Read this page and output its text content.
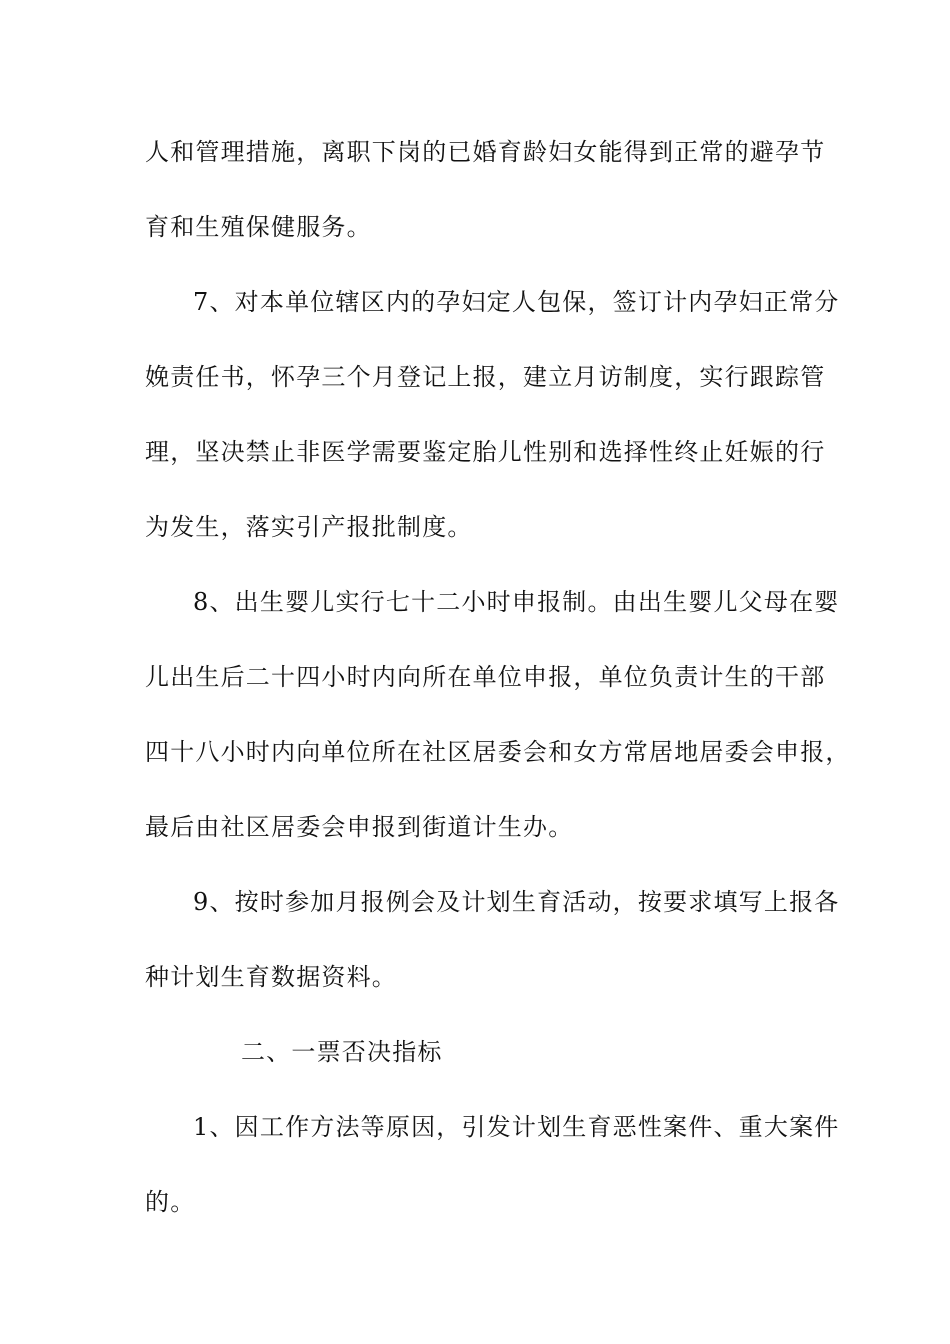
人和管理措施，离职下岗的已婚育龄妇女能得到正常的避孕节
育和生殖保健服务。
7、对本单位辖区内的孕妇定人包保，签订计内孕妇正常分
娩责任书，怀孕三个月登记上报，建立月访制度，实行跟踪管
理，坚决禁止非医学需要鉴定胎儿性别和选择性终止妊娠的行
为发生，落实引产报批制度。
8、出生婴儿实行七十二小时申报制。由出生婴儿父母在婴
儿出生后二十四小时内向所在单位申报，单位负责计生的干部
四十八小时内向单位所在社区居委会和女方常居地居委会申报，
最后由社区居委会申报到街道计生办。
9、按时参加月报例会及计划生育活动，按要求填写上报各
种计划生育数据资料。
二、一票否决指标
1、因工作方法等原因，引发计划生育恶性案件、重大案件
的。
